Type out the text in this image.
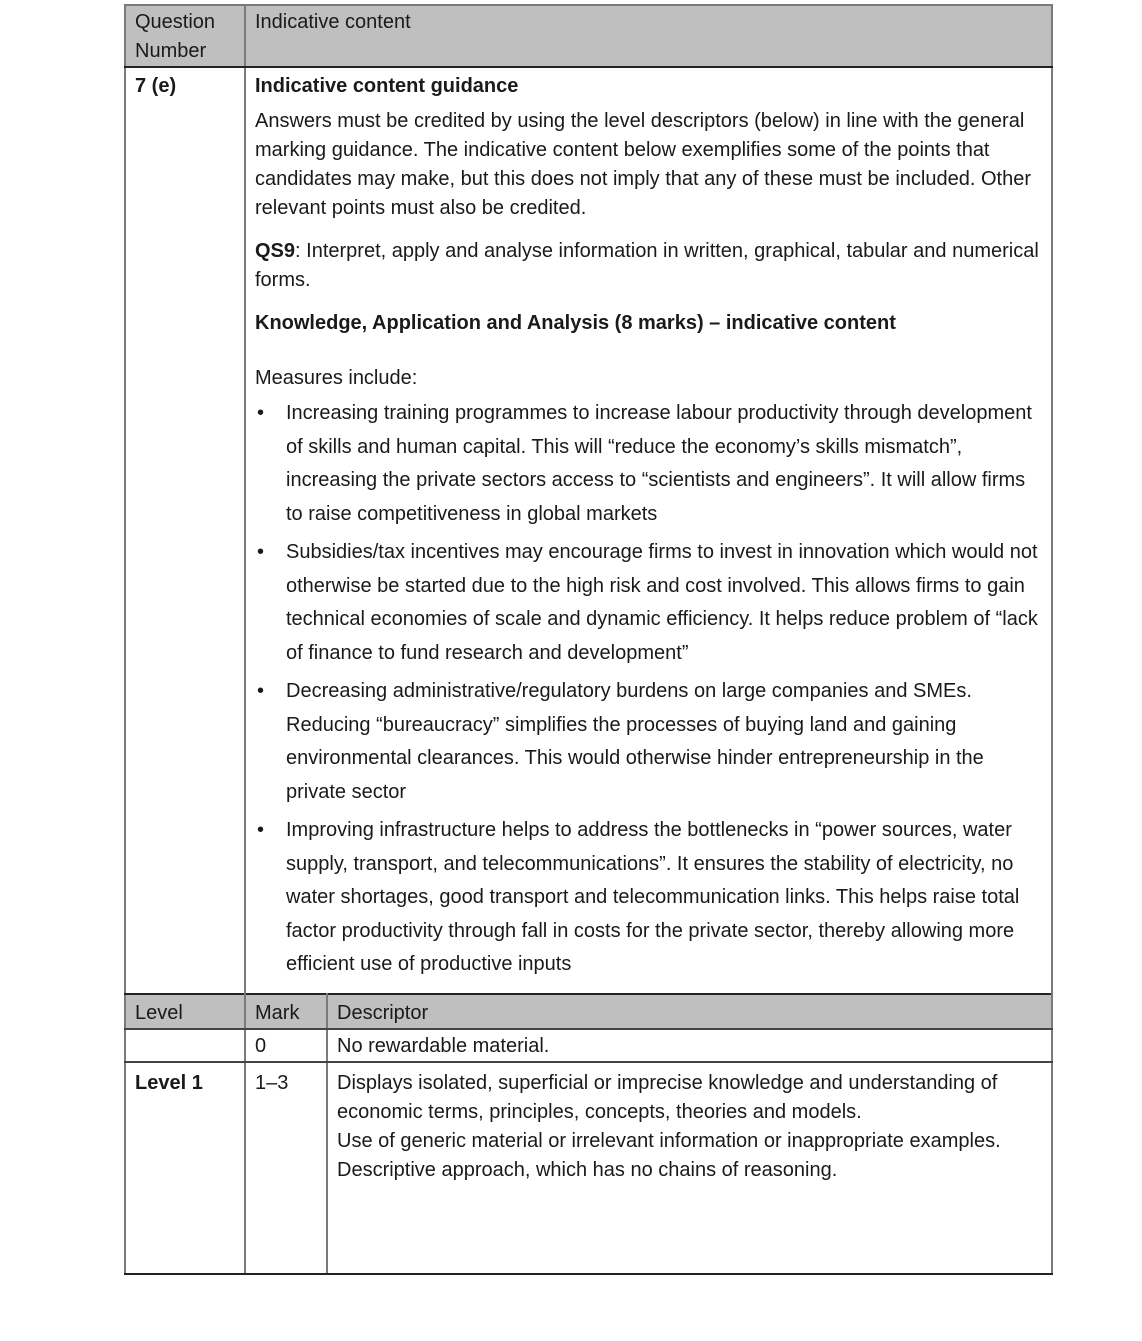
Question Number	Indicative content
7 (e)	Indicative content guidance

Answers must be credited by using the level descriptors (below) in line with the general marking guidance. The indicative content below exemplifies some of the points that candidates may make, but this does not imply that any of these must be included. Other relevant points must also be credited.

QS9: Interpret, apply and analyse information in written, graphical, tabular and numerical forms.

Knowledge, Application and Analysis (8 marks) – indicative content

Measures include:

• Increasing training programmes to increase labour productivity through development of skills and human capital. This will “reduce the economy’s skills mismatch”, increasing the private sectors access to “scientists and engineers”. It will allow firms to raise competitiveness in global markets
• Subsidies/tax incentives may encourage firms to invest in innovation which would not otherwise be started due to the high risk and cost involved. This allows firms to gain technical economies of scale and dynamic efficiency. It helps reduce problem of “lack of finance to fund research and development”
• Decreasing administrative/regulatory burdens on large companies and SMEs. Reducing “bureaucracy” simplifies the processes of buying land and gaining environmental clearances. This would otherwise hinder entrepreneurship in the private sector
• Improving infrastructure helps to address the bottlenecks in “power sources, water supply, transport, and telecommunications”. It ensures the stability of electricity, no water shortages, good transport and telecommunication links. This helps raise total factor productivity through fall in costs for the private sector, thereby allowing more efficient use of productive inputs
Level	Mark	Descriptor
	0	No rewardable material.

Level 1	1–3	Displays isolated, superficial or imprecise knowledge and understanding of economic terms, principles, concepts, theories and models.

Use of generic material or irrelevant information or inappropriate examples.

Descriptive approach, which has no chains of reasoning.
